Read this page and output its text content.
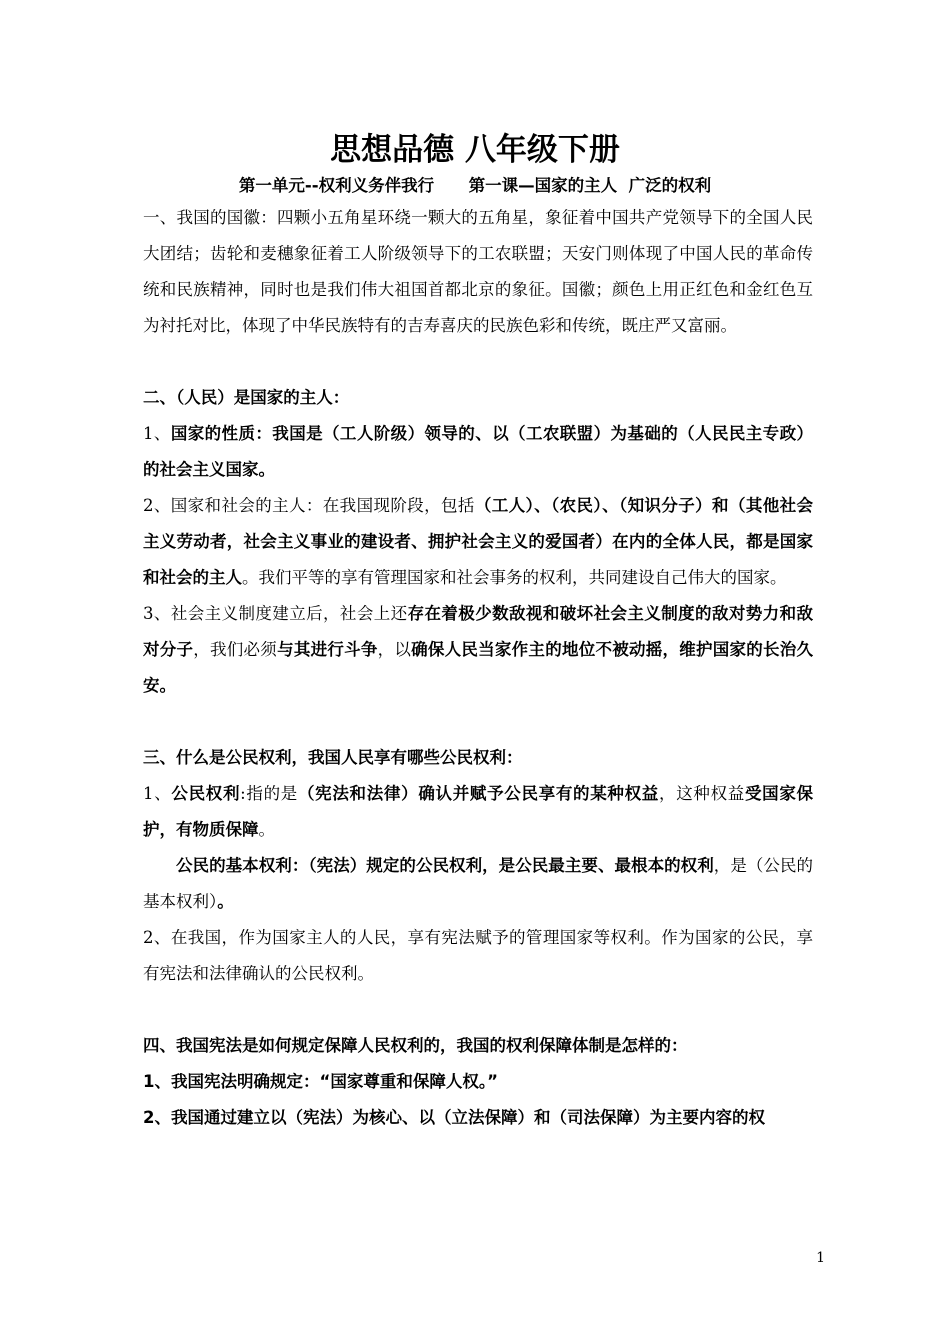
思想品德 八年级下册
第一单元--权利义务伴我行      第一课—国家的主人  广泛的权利

一、我国的国徽：四颗小五角星环绕一颗大的五角星，象征着中国共产党领导下的全国人民大团结；齿轮和麦穗象征着工人阶级领导下的工农联盟；天安门则体现了中国人民的革命传统和民族精神，同时也是我们伟大祖国首都北京的象征。国徽；颜色上用正红色和金红色互为衬托对比，体现了中华民族特有的吉寿喜庆的民族色彩和传统，既庄严又富丽。

二、（人民）是国家的主人：

1、国家的性质：我国是（工人阶级）领导的、以（工农联盟）为基础的（人民民主专政）的社会主义国家。

2、国家和社会的主人：在我国现阶段，包括（工人）、（农民）、（知识分子）和（其他社会主义劳动者，社会主义事业的建设者、拥护社会主义的爱国者）在内的全体人民，都是国家和社会的主人。我们平等的享有管理国家和社会事务的权利，共同建设自己伟大的国家。

3、社会主义制度建立后，社会上还存在着极少数敌视和破坏社会主义制度的敌对势力和敌对分子，我们必须与其进行斗争，以确保人民当家作主的地位不被动摇，维护国家的长治久安。

三、什么是公民权利，我国人民享有哪些公民权利：

1、公民权利:指的是（宪法和法律）确认并赋予公民享有的某种权益，这种权益受国家保护，有物质保障。

公民的基本权利：（宪法）规定的公民权利，是公民最主要、最根本的权利，是（公民的基本权利）。

2、在我国，作为国家主人的人民，享有宪法赋予的管理国家等权利。作为国家的公民，享有宪法和法律确认的公民权利。

四、我国宪法是如何规定保障人民权利的，我国的权利保障体制是怎样的：

1、我国宪法明确规定：“国家尊重和保障人权。”

2、我国通过建立以（宪法）为核心、以（立法保障）和（司法保障）为主要内容的权

1
